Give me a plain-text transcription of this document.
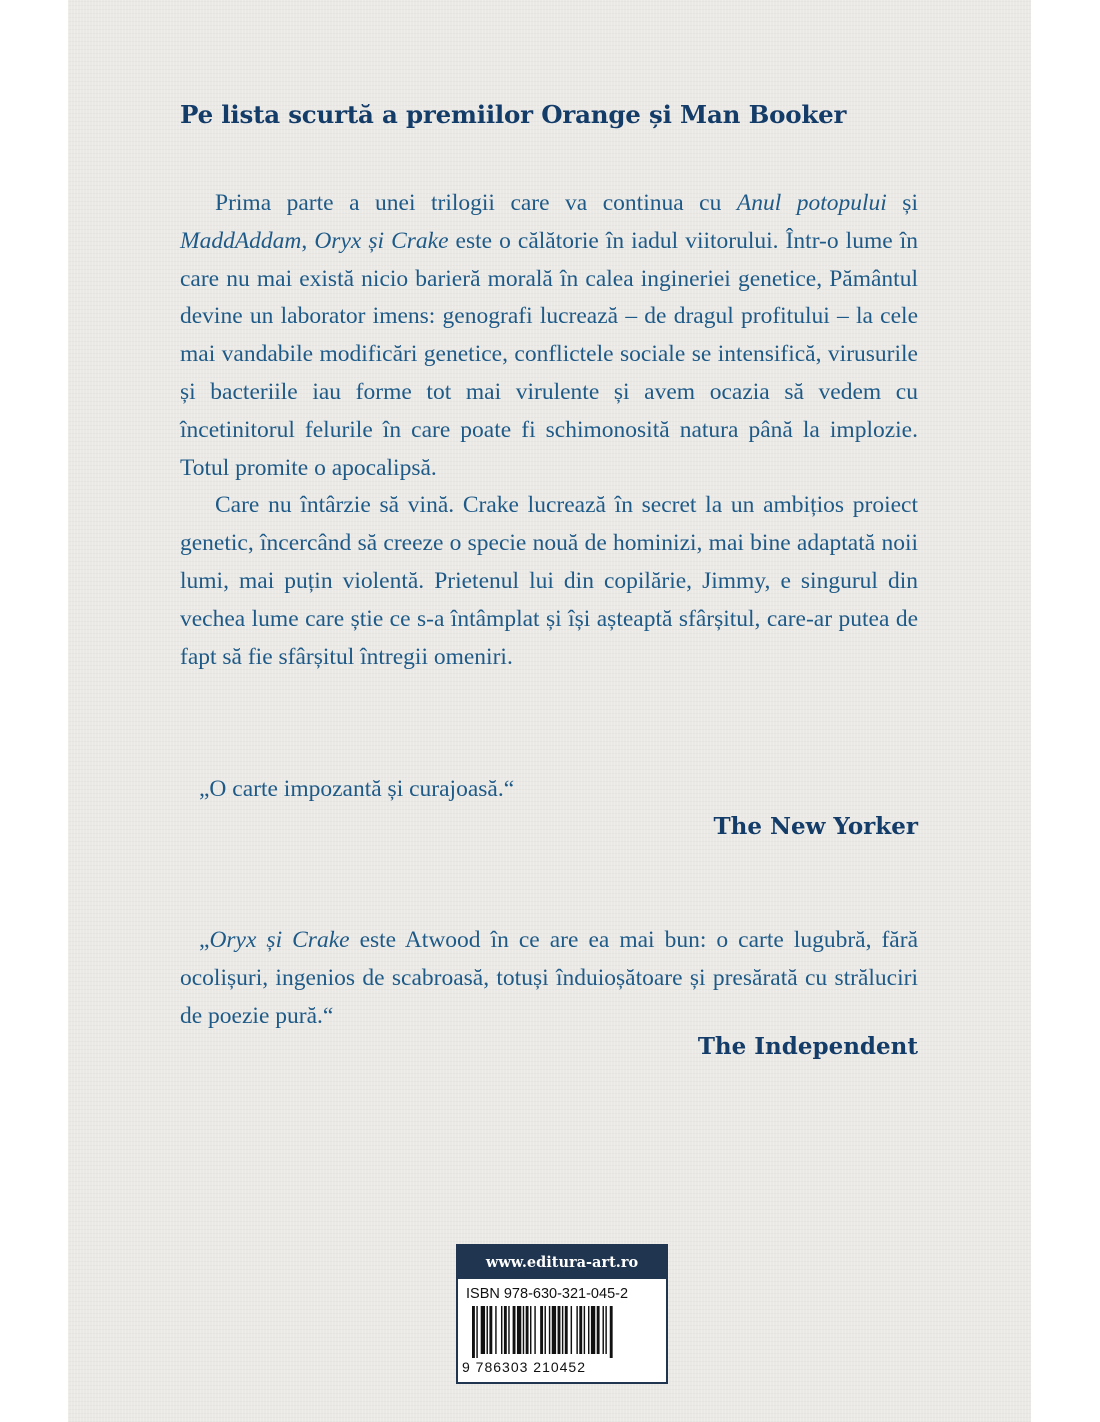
Pe lista scurtă a premiilor Orange și Man Booker

Prima parte a unei trilogii care va continua cu Anul potopului și MaddAddam, Oryx și Crake este o călătorie în iadul viitorului. Într-o lume în care nu mai există nicio barieră morală în calea ingineriei genetice, Pământul devine un laborator imens: genografi lucrează – de dragul profitului – la cele mai vandabile modificări genetice, conflictele sociale se intensifică, virusurile și bacteriile iau forme tot mai virulente și avem ocazia să vedem cu încetinitorul felurile în care poate fi schimonosită natura până la implozie. Totul promite o apocalipsă.

Care nu întârzie să vină. Crake lucrează în secret la un ambițios proiect genetic, încercând să creeze o specie nouă de hominizi, mai bine adaptată noii lumi, mai puțin violentă. Prietenul lui din copilărie, Jimmy, e singurul din vechea lume care știe ce s-a întâmplat și își așteaptă sfârșitul, care-ar putea de fapt să fie sfârșitul întregii omeniri.

„O carte impozantă și curajoasă.“

The New Yorker

„Oryx și Crake este Atwood în ce are ea mai bun: o carte lugubră, fără ocolișuri, ingenios de scabroasă, totuși înduioșătoare și presărată cu străluciri de poezie pură.“

The Independent

www.editura-art.ro
ISBN 978-630-321-045-2
9 786303 210452
